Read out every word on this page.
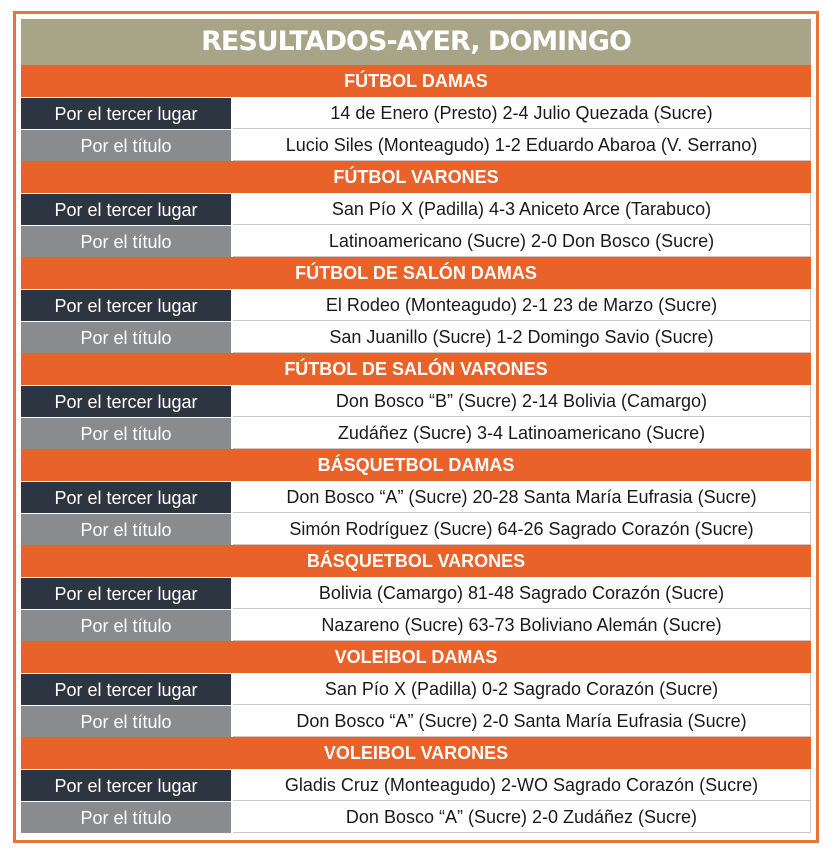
RESULTADOS-AYER, DOMINGO
FÚTBOL DAMAS
Por el tercer lugar	14 de Enero (Presto) 2-4 Julio Quezada (Sucre)
Por el título	Lucio Siles (Monteagudo) 1-2 Eduardo Abaroa (V. Serrano)
FÚTBOL VARONES
Por el tercer lugar	San Pío X (Padilla) 4-3 Aniceto Arce (Tarabuco)
Por el título	Latinoamericano (Sucre) 2-0 Don Bosco (Sucre)
FÚTBOL DE SALÓN DAMAS
Por el tercer lugar	El Rodeo (Monteagudo) 2-1 23 de Marzo (Sucre)
Por el título	San Juanillo (Sucre) 1-2 Domingo Savio (Sucre)
FÚTBOL DE SALÓN VARONES
Por el tercer lugar	Don Bosco “B” (Sucre) 2-14 Bolivia (Camargo)
Por el título	Zudáñez (Sucre) 3-4 Latinoamericano (Sucre)
BÁSQUETBOL DAMAS
Por el tercer lugar	Don Bosco “A” (Sucre) 20-28 Santa María Eufrasia (Sucre)
Por el título	Simón Rodríguez (Sucre) 64-26 Sagrado Corazón (Sucre)
BÁSQUETBOL VARONES
Por el tercer lugar	Bolivia (Camargo) 81-48 Sagrado Corazón (Sucre)
Por el título	Nazareno (Sucre) 63-73 Boliviano Alemán (Sucre)
VOLEIBOL DAMAS
Por el tercer lugar	San Pío X (Padilla) 0-2 Sagrado Corazón (Sucre)
Por el título	Don Bosco “A” (Sucre) 2-0 Santa María Eufrasia (Sucre)
VOLEIBOL VARONES
Por el tercer lugar	Gladis Cruz (Monteagudo) 2-WO Sagrado Corazón (Sucre)
Por el título	Don Bosco “A” (Sucre) 2-0 Zudáñez (Sucre)
